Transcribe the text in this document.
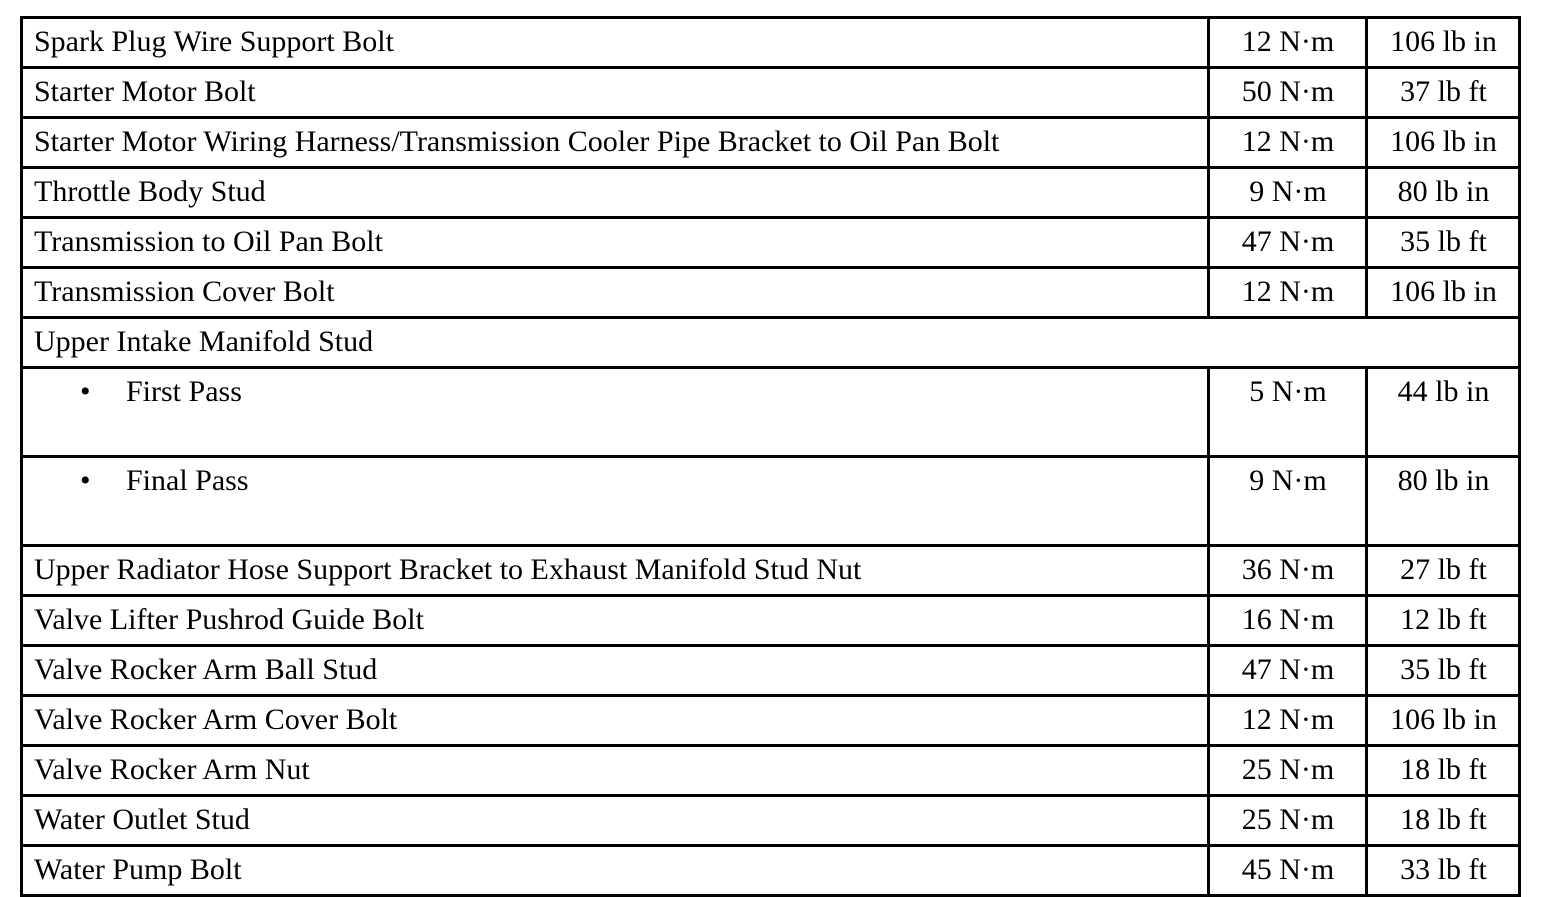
Spark Plug Wire Support Bolt	12 N·m	106 lb in
Starter Motor Bolt	50 N·m	37 lb ft
Starter Motor Wiring Harness/Transmission Cooler Pipe Bracket to Oil Pan Bolt	12 N·m	106 lb in
Throttle Body Stud	9 N·m	80 lb in
Transmission to Oil Pan Bolt	47 N·m	35 lb ft
Transmission Cover Bolt	12 N·m	106 lb in
Upper Intake Manifold Stud		
• First Pass	5 N·m	44 lb in
• Final Pass	9 N·m	80 lb in
Upper Radiator Hose Support Bracket to Exhaust Manifold Stud Nut	36 N·m	27 lb ft
Valve Lifter Pushrod Guide Bolt	16 N·m	12 lb ft
Valve Rocker Arm Ball Stud	47 N·m	35 lb ft
Valve Rocker Arm Cover Bolt	12 N·m	106 lb in
Valve Rocker Arm Nut	25 N·m	18 lb ft
Water Outlet Stud	25 N·m	18 lb ft
Water Pump Bolt	45 N·m	33 lb ft
